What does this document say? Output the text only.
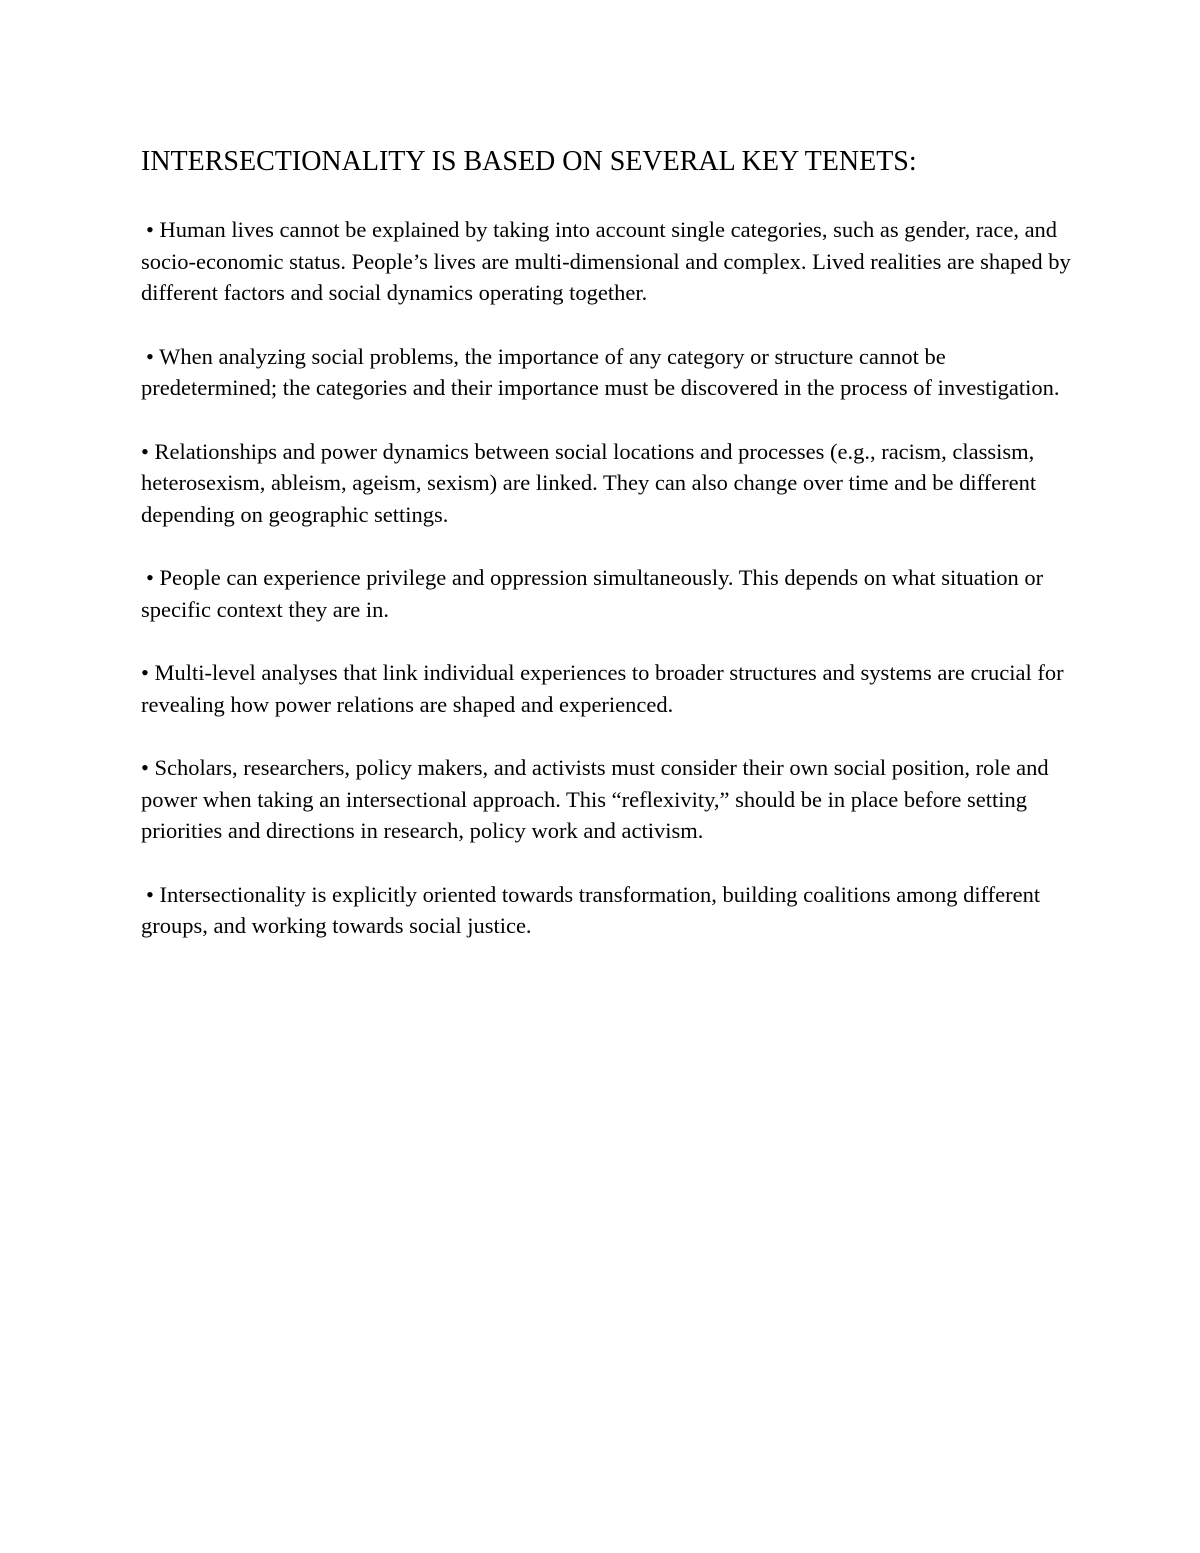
INTERSECTIONALITY IS BASED ON SEVERAL KEY TENETS:
• Human lives cannot be explained by taking into account single categories, such as gender, race, and socio-economic status. People’s lives are multi-dimensional and complex. Lived realities are shaped by different factors and social dynamics operating together.
• When analyzing social problems, the importance of any category or structure cannot be predetermined; the categories and their importance must be discovered in the process of investigation.
• Relationships and power dynamics between social locations and processes (e.g., racism, classism, heterosexism, ableism, ageism, sexism) are linked. They can also change over time and be different depending on geographic settings.
• People can experience privilege and oppression simultaneously. This depends on what situation or specific context they are in.
• Multi-level analyses that link individual experiences to broader structures and systems are crucial for revealing how power relations are shaped and experienced.
• Scholars, researchers, policy makers, and activists must consider their own social position, role and power when taking an intersectional approach. This “reflexivity,” should be in place before setting priorities and directions in research, policy work and activism.
• Intersectionality is explicitly oriented towards transformation, building coalitions among different groups, and working towards social justice.
